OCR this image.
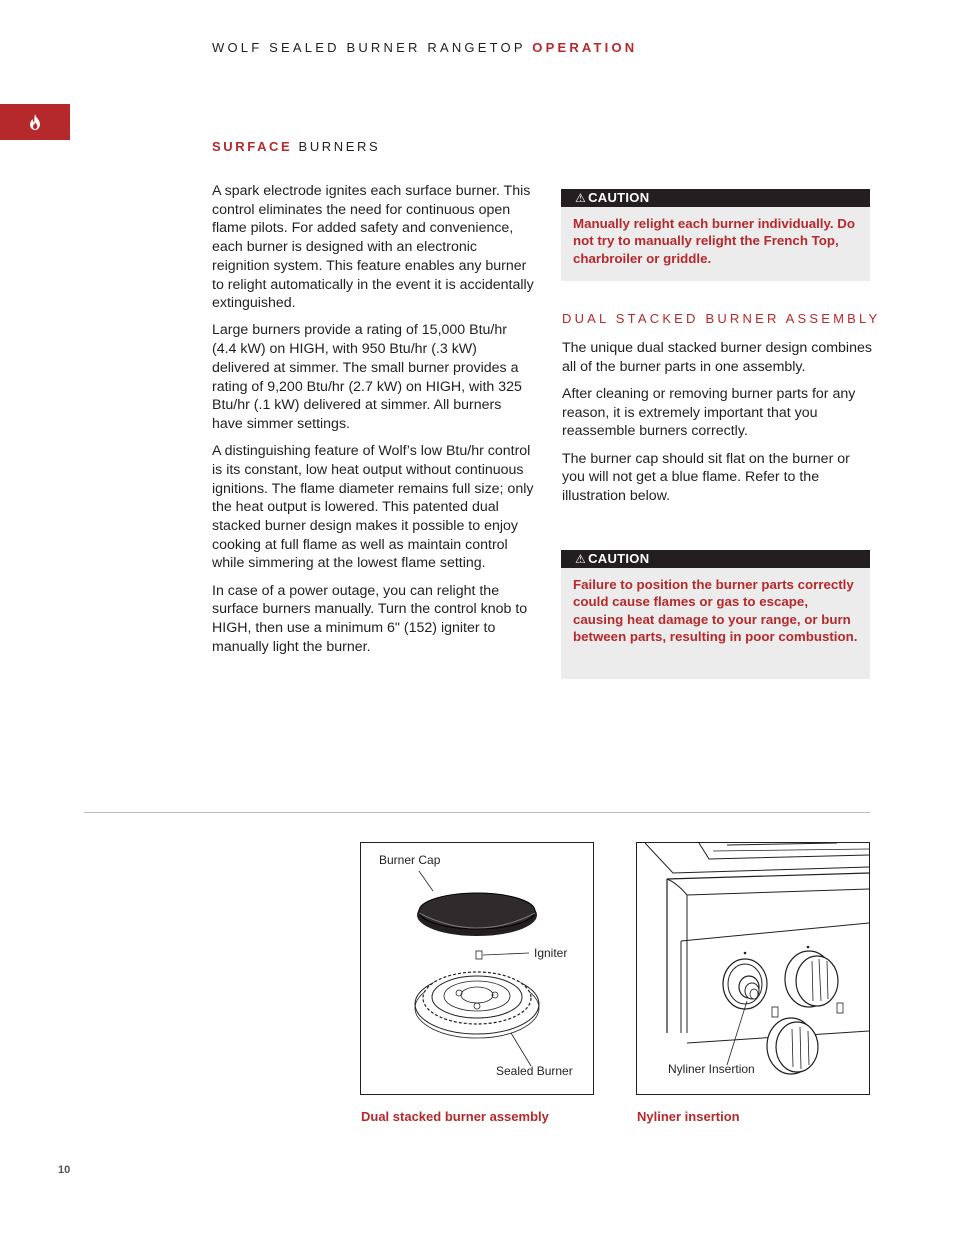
WOLF SEALED BURNER RANGETOP OPERATION
SURFACE BURNERS

A spark electrode ignites each surface burner. This control eliminates the need for continuous open flame pilots. For added safety and convenience, each burner is designed with an electronic reignition system. This feature enables any burner to relight automatically in the event it is accidentally extinguished.

Large burners provide a rating of 15,000 Btu/hr (4.4 kW) on HIGH, with 950 Btu/hr (.3 kW) delivered at simmer. The small burner provides a rating of 9,200 Btu/hr (2.7 kW) on HIGH, with 325 Btu/hr (.1 kW) delivered at simmer. All burners have simmer settings.

A distinguishing feature of Wolf’s low Btu/hr control is its constant, low heat output without continuous ignitions. The flame diameter remains full size; only the heat output is lowered. This patented dual stacked burner design makes it possible to enjoy cooking at full flame as well as maintain control while simmering at the lowest flame setting.

In case of a power outage, you can relight the surface burners manually. Turn the control knob to HIGH, then use a minimum 6" (152) igniter to manually light the burner.

⚠ CAUTION
Manually relight each burner individually. Do not try to manually relight the French Top, charbroiler or griddle.
DUAL STACKED BURNER ASSEMBLY

The unique dual stacked burner design combines all of the burner parts in one assembly.

After cleaning or removing burner parts for any reason, it is extremely important that you reassemble burners correctly.

The burner cap should sit flat on the burner or you will not get a blue flame. Refer to the illustration below.

⚠ CAUTION
Failure to position the burner parts correctly could cause flames or gas to escape, causing heat damage to your range, or burn between parts, resulting in poor combustion.
Burner Cap
Igniter
Sealed Burner
Dual stacked burner assembly
Nyliner Insertion
Nyliner insertion
10
